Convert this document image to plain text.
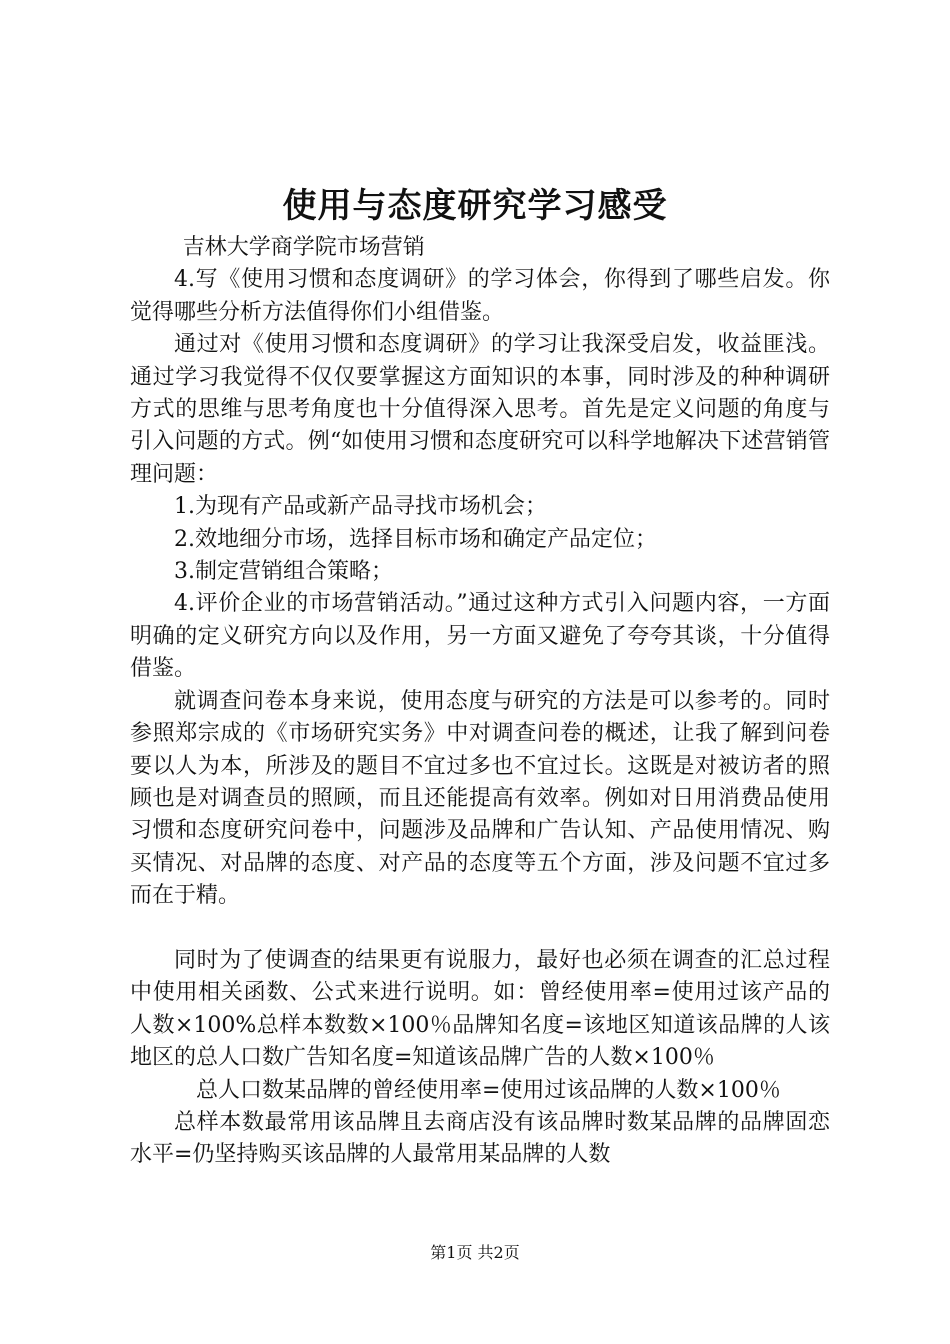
使用与态度研究学习感受

吉林大学商学院市场营销

4.写《使用习惯和态度调研》的学习体会，你得到了哪些启发。你觉得哪些分析方法值得你们小组借鉴。

通过对《使用习惯和态度调研》的学习让我深受启发，收益匪浅。通过学习我觉得不仅仅要掌握这方面知识的本事，同时涉及的种种调研方式的思维与思考角度也十分值得深入思考。首先是定义问题的角度与引入问题的方式。例“如使用习惯和态度研究可以科学地解决下述营销管理问题：

1.为现有产品或新产品寻找市场机会；

2.效地细分市场，选择目标市场和确定产品定位；

3.制定营销组合策略；

4.评价企业的市场营销活动。”通过这种方式引入问题内容，一方面明确的定义研究方向以及作用，另一方面又避免了夸夸其谈，十分值得借鉴。

就调查问卷本身来说，使用态度与研究的方法是可以参考的。同时参照郑宗成的《市场研究实务》中对调查问卷的概述，让我了解到问卷要以人为本，所涉及的题目不宜过多也不宜过长。这既是对被访者的照顾也是对调查员的照顾，而且还能提高有效率。例如对日用消费品使用习惯和态度研究问卷中，问题涉及品牌和广告认知、产品使用情况、购买情况、对品牌的态度、对产品的态度等五个方面，涉及问题不宜过多而在于精。

同时为了使调查的结果更有说服力，最好也必须在调查的汇总过程中使用相关函数、公式来进行说明。如：曾经使用率=使用过该产品的人数×100%总样本数数×100％品牌知名度=该地区知道该品牌的人该地区的总人口数广告知名度=知道该品牌广告的人数×100％

总人口数某品牌的曾经使用率=使用过该品牌的人数×100％

总样本数最常用该品牌且去商店没有该品牌时数某品牌的品牌固恋水平=仍坚持购买该品牌的人最常用某品牌的人数

第1页 共2页
